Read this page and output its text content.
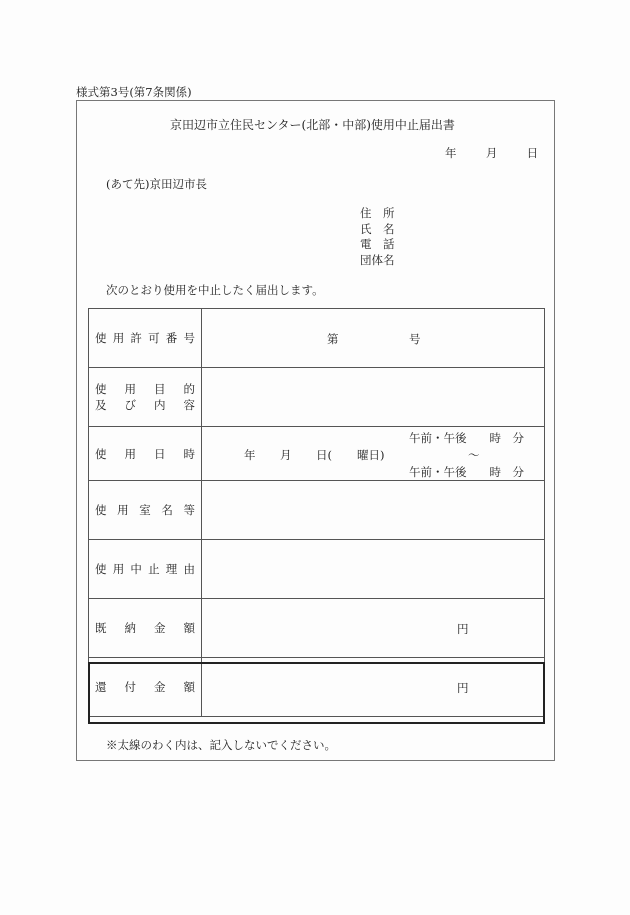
様式第3号(第7条関係)
京田辺市立住民センター(北部・中部)使用中止届出書
年	月	日
(あて先)京田辺市長
住　所
氏　名
電　話
団体名
次のとおり使用を中止したく届出します。
使 用 許 可 番 号	第	号

使 用 目 的
及 び 内 容

使 用 日 時	年 月 日( 曜日)
午前・午後　　時　分
〜
午前・午後　　時　分

使 用 室 名 等	

使 用 中 止 理 由

既 納 金 額	円

還 付 金 額	円
※太線のわく内は、記入しないでください。
